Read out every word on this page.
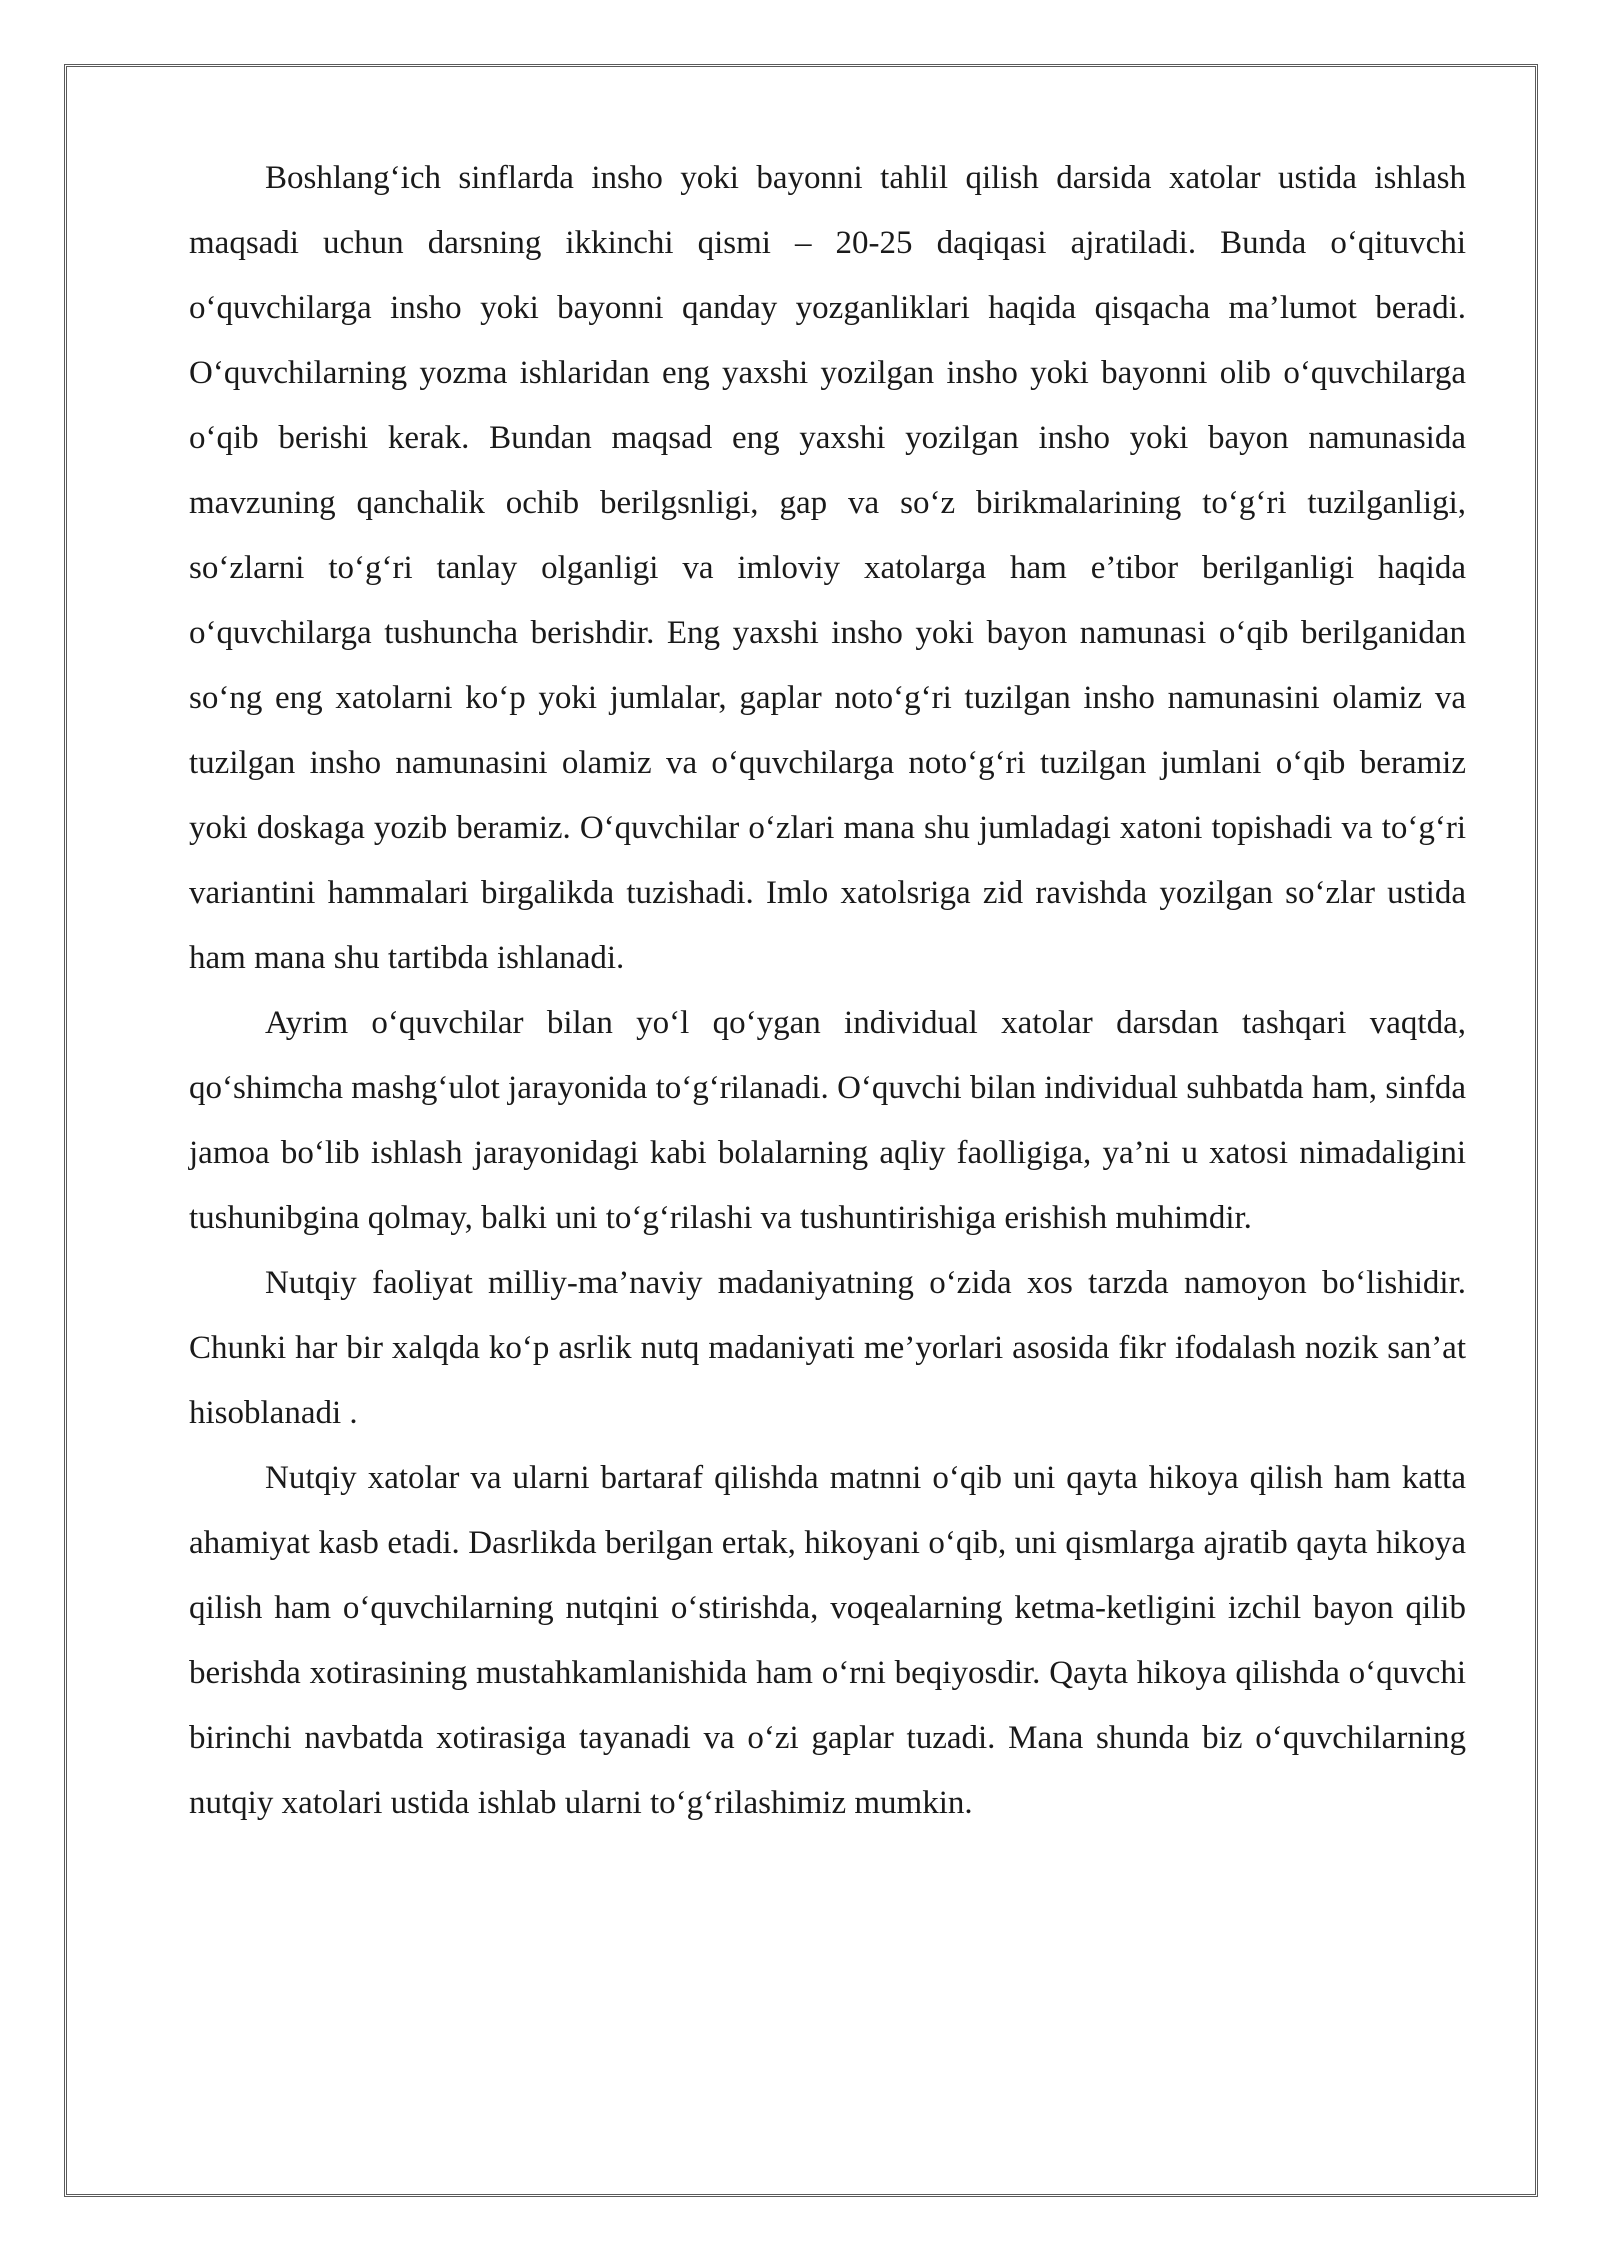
Boshlang‘ich sinflarda insho yoki bayonni tahlil qilish darsida xatolar ustida ishlash maqsadi uchun darsning ikkinchi qismi – 20-25 daqiqasi ajratiladi. Bunda o‘qituvchi o‘quvchilarga insho yoki bayonni qanday yozganliklari haqida qisqacha ma’lumot beradi. O‘quvchilarning yozma ishlaridan eng yaxshi yozilgan insho yoki bayonni olib o‘quvchilarga o‘qib berishi kerak. Bundan maqsad eng yaxshi yozilgan insho yoki bayon namunasida mavzuning qanchalik ochib berilgsnligi, gap va so‘z birikmalarining to‘g‘ri tuzilganligi, so‘zlarni to‘g‘ri tanlay olganligi va imloviy xatolarga ham e’tibor berilganligi haqida o‘quvchilarga tushuncha berishdir. Eng yaxshi insho yoki bayon namunasi o‘qib berilganidan so‘ng eng xatolarni ko‘p yoki jumlalar, gaplar noto‘g‘ri tuzilgan insho namunasini olamiz va tuzilgan insho namunasini olamiz va o‘quvchilarga noto‘g‘ri tuzilgan jumlani o‘qib beramiz yoki doskaga yozib beramiz. O‘quvchilar o‘zlari mana shu jumladagi xatoni topishadi va to‘g‘ri variantini hammalari birgalikda tuzishadi. Imlo xatolsriga zid ravishda yozilgan so‘zlar ustida ham mana shu tartibda ishlanadi.

Ayrim o‘quvchilar bilan yo‘l qo‘ygan individual xatolar darsdan tashqari vaqtda, qo‘shimcha mashg‘ulot jarayonida to‘g‘rilanadi. O‘quvchi bilan individual suhbatda ham, sinfda jamoa bo‘lib ishlash jarayonidagi kabi bolalarning aqliy faolligiga, ya’ni u xatosi nimadaligini tushunibgina qolmay, balki uni to‘g‘rilashi va tushuntirishiga erishish muhimdir.

Nutqiy faoliyat milliy-ma’naviy madaniyatning o‘zida xos tarzda namoyon bo‘lishidir. Chunki har bir xalqda ko‘p asrlik nutq madaniyati me’yorlari asosida fikr ifodalash nozik san’at hisoblanadi .

Nutqiy xatolar va ularni bartaraf qilishda matnni o‘qib uni qayta hikoya qilish ham katta ahamiyat kasb etadi. Dasrlikda berilgan ertak, hikoyani o‘qib, uni qismlarga ajratib qayta hikoya qilish ham o‘quvchilarning nutqini o‘stirishda, voqealarning ketma-ketligini izchil bayon qilib berishda xotirasining mustahkamlanishida ham o‘rni beqiyosdir. Qayta hikoya qilishda o‘quvchi birinchi navbatda xotirasiga tayanadi va o‘zi gaplar tuzadi. Mana shunda biz o‘quvchilarning nutqiy xatolari ustida ishlab ularni to‘g‘rilashimiz mumkin.
